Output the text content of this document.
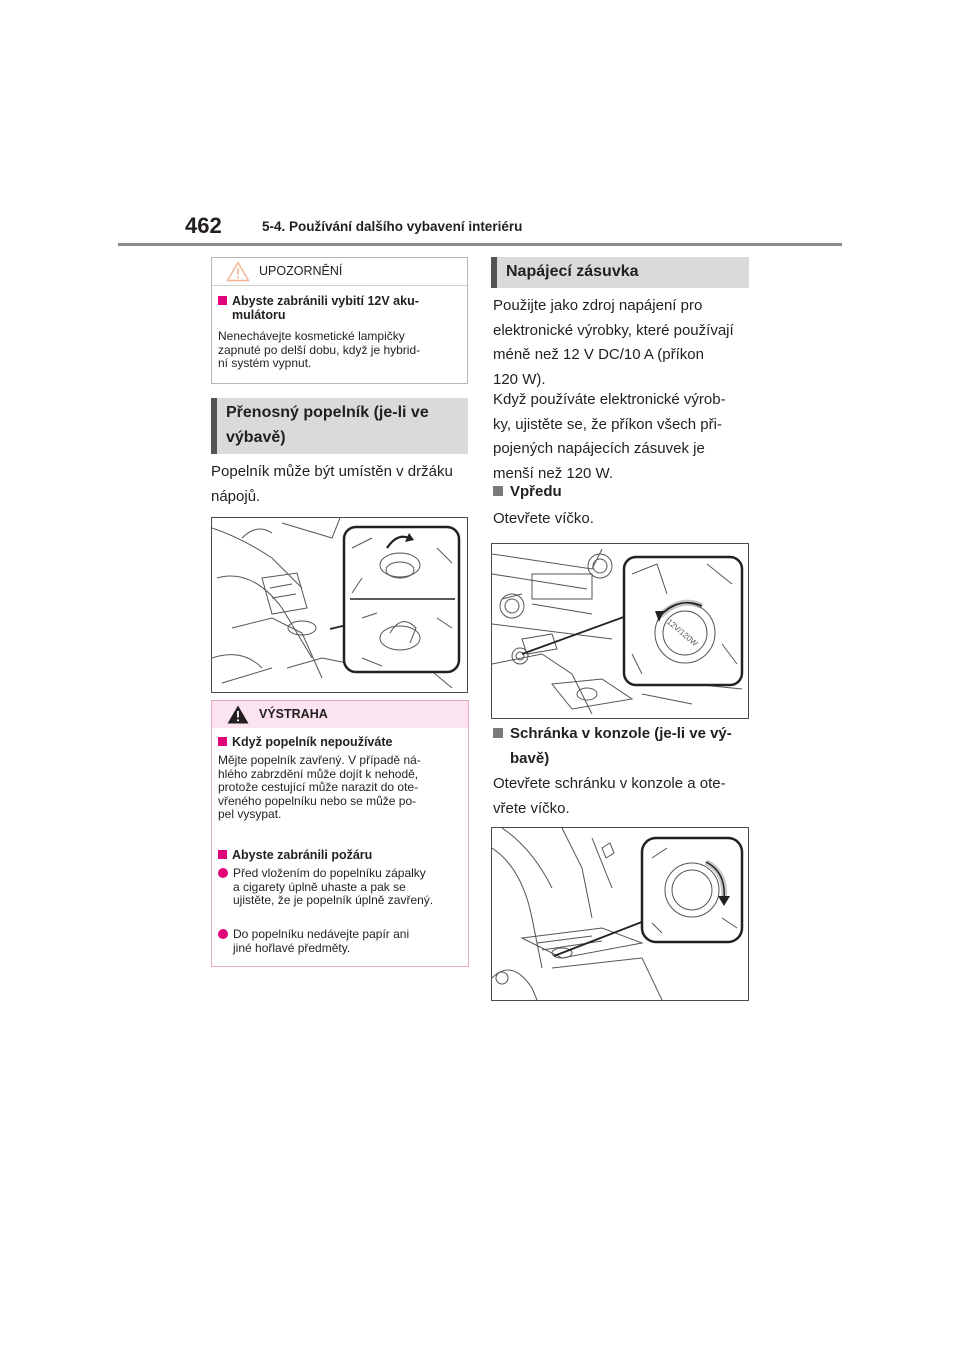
462	5-4. Používání dalšího vybavení interiéru
UPOZORNĚNÍ
Abyste zabránili vybití 12V aku-
mulátoru
Nenechávejte kosmetické lampičky
zapnuté po delší dobu, když je hybrid-
ní systém vypnut.
Přenosný popelník (je-li ve
výbavě)
Popelník může být umístěn v držáku
nápojů.
VÝSTRAHA
Když popelník nepoužíváte
Mějte popelník zavřený. V případě ná-
hlého zabrzdění může dojít k nehodě,
protože cestující může narazit do ote-
vřeného popelníku nebo se může po-
pel vysypat.
Abyste zabránili požáru
Před vložením do popelníku zápalky
a cigarety úplně uhaste a pak se
ujistěte, že je popelník úplně zavřený.
Do popelníku nedávejte papír ani
jiné hořlavé předměty.
Napájecí zásuvka
Použijte jako zdroj napájení pro
elektronické výrobky, které používají
méně než 12 V DC/10 A (příkon
120 W).
Když používáte elektronické výrob-
ky, ujistěte se, že příkon všech při-
pojených napájecích zásuvek je
menší než 120 W.
Vpředu
Otevřete víčko.
12V/120W
Schránka v konzole (je-li ve vý-
bavě)
Otevřete schránku v konzole a ote-
vřete víčko.
